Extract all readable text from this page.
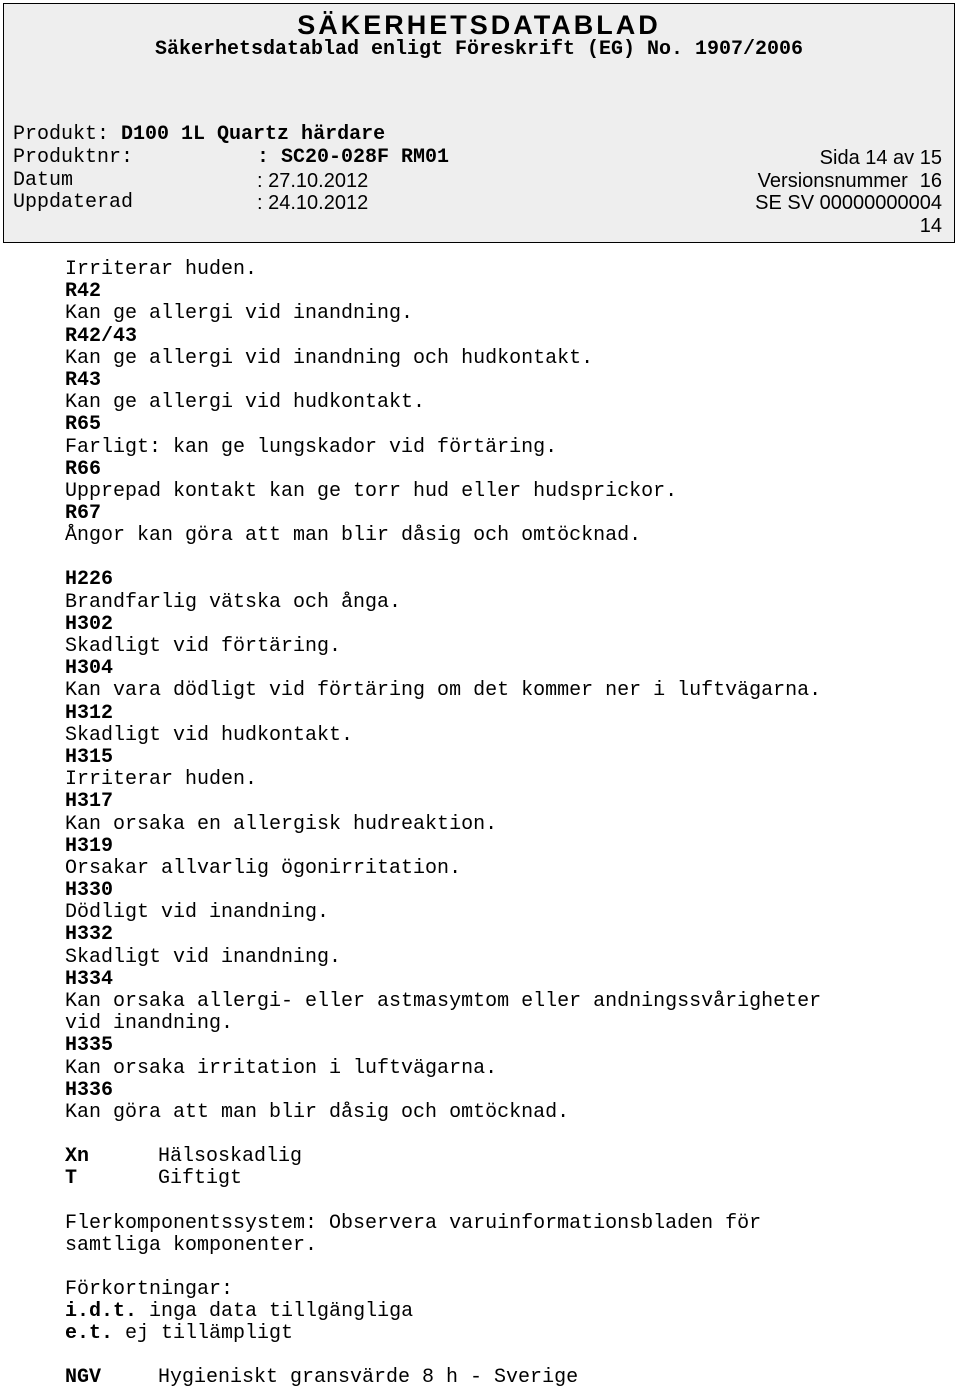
SÄKERHETSDATABLAD
Säkerhetsdatablad enligt Föreskrift (EG) No. 1907/2006
Produkt: D100 1L Quartz härdare
Produktnr:	: SC20-028F RM01	Sida 14 av 15
Datum	: 27.10.2012	Versionsnummer 16
Uppdaterad	: 24.10.2012	SE SV 00000000004
14
Irriterar huden.
R42
Kan ge allergi vid inandning.
R42/43
Kan ge allergi vid inandning och hudkontakt.
R43
Kan ge allergi vid hudkontakt.
R65
Farligt: kan ge lungskador vid förtäring.
R66
Upprepad kontakt kan ge torr hud eller hudsprickor.
R67
Ångor kan göra att man blir dåsig och omtöcknad.
H226
Brandfarlig vätska och ånga.
H302
Skadligt vid förtäring.
H304
Kan vara dödligt vid förtäring om det kommer ner i luftvägarna.
H312
Skadligt vid hudkontakt.
H315
Irriterar huden.
H317
Kan orsaka en allergisk hudreaktion.
H319
Orsakar allvarlig ögonirritation.
H330
Dödligt vid inandning.
H332
Skadligt vid inandning.
H334
Kan orsaka allergi- eller astmasymtom eller andningssvårigheter
vid inandning.
H335
Kan orsaka irritation i luftvägarna.
H336
Kan göra att man blir dåsig och omtöcknad.
Xn	Hälsoskadlig
T	Giftigt
Flerkomponentssystem: Observera varuinformationsbladen för
samtliga komponenter.
Förkortningar:
i.d.t. inga data tillgängliga
e.t. ej tillämpligt
NGV	Hygieniskt gransvärde 8 h - Sverige
